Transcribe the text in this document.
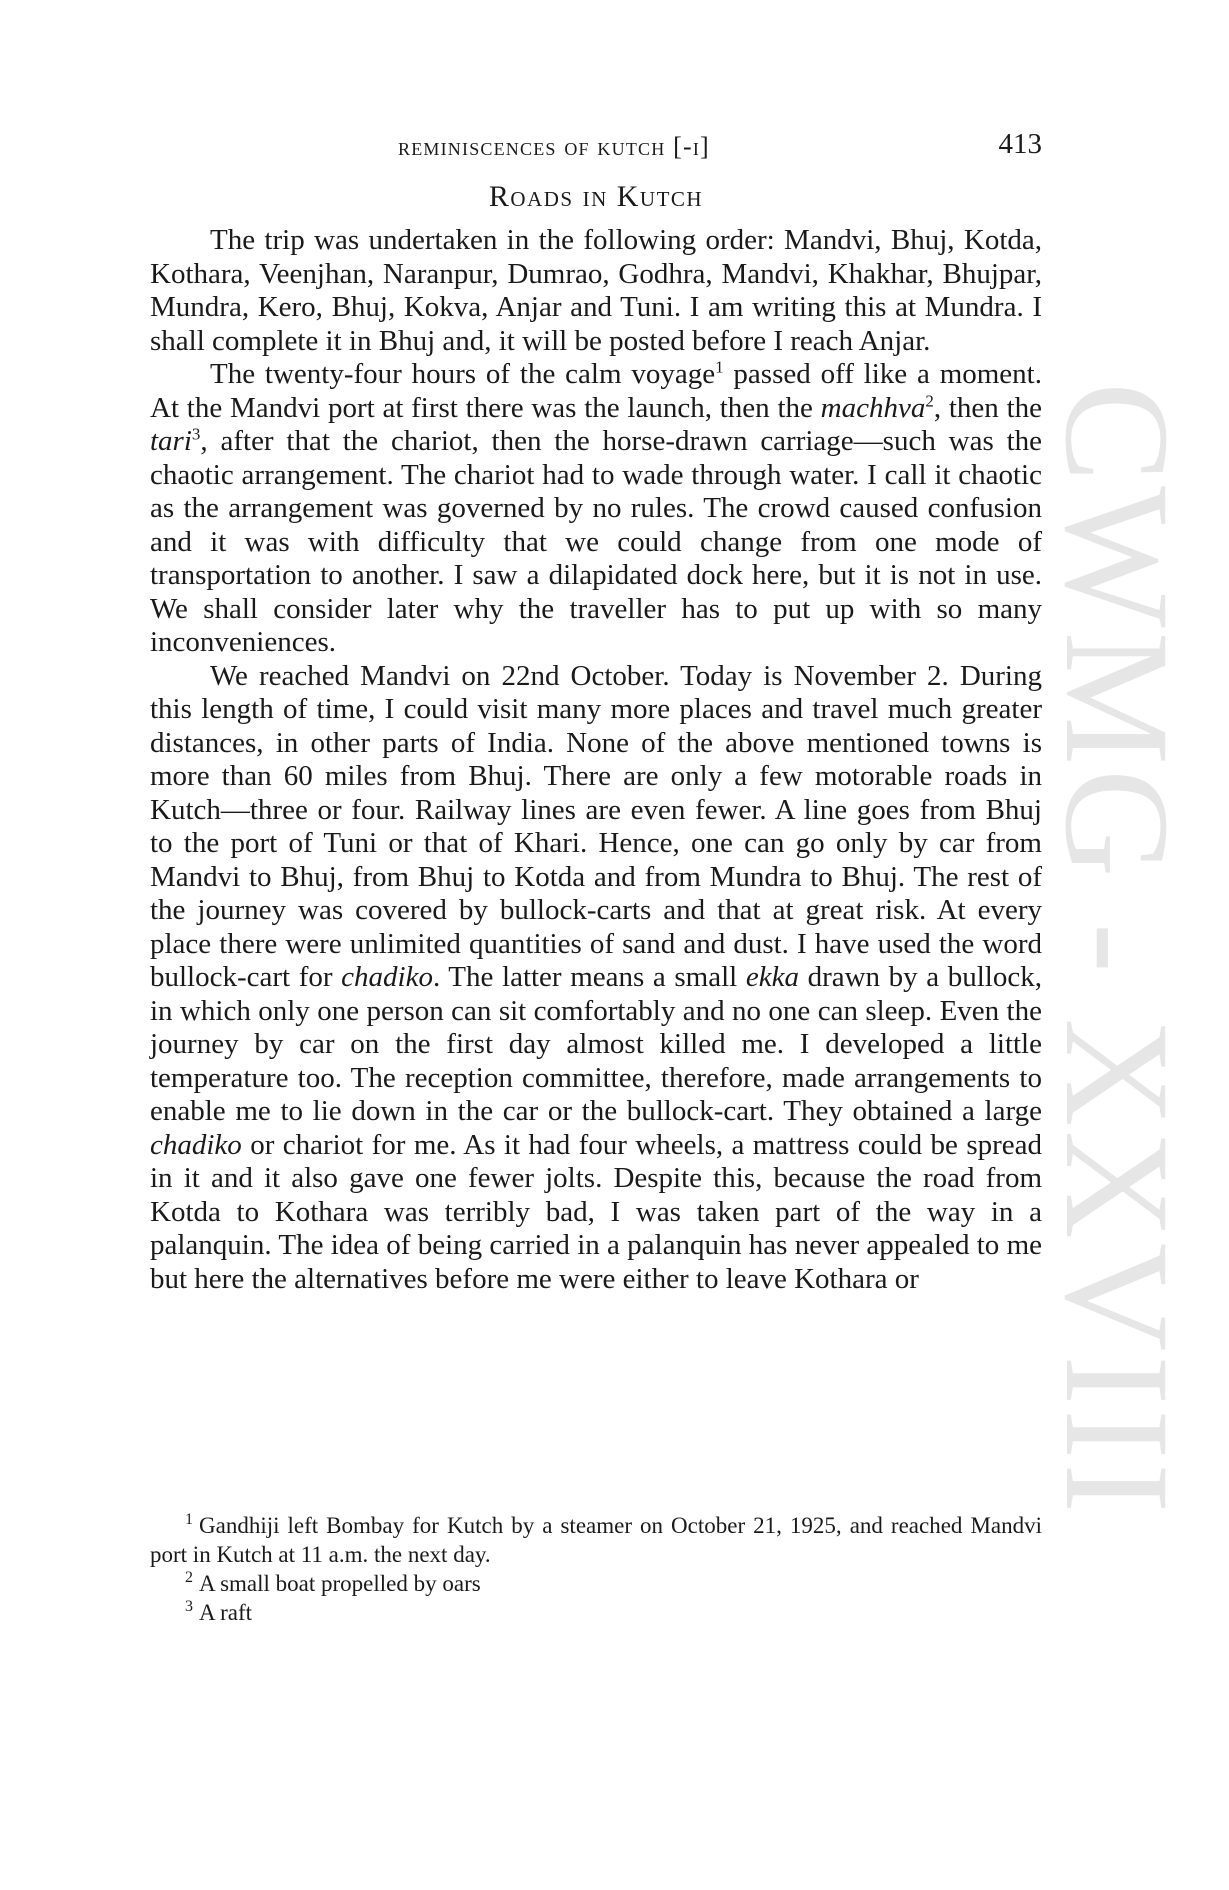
CWMG - XXVIII
reminiscences of kutch [-i]	413
Roads in Kutch

The trip was undertaken in the following order: Mandvi, Bhuj, Kotda, Kothara, Veenjhan, Naranpur, Dumrao, Godhra, Mandvi, Khakhar, Bhujpar, Mundra, Kero, Bhuj, Kokva, Anjar and Tuni. I am writing this at Mundra. I shall complete it in Bhuj and, it will be posted before I reach Anjar.

The twenty-four hours of the calm voyage$^1$ passed off like a moment. At the Mandvi port at first there was the launch, then the machhva$^2$, then the tari$^3$, after that the chariot, then the horse-drawn carriage—such was the chaotic arrangement. The chariot had to wade through water. I call it chaotic as the arrangement was governed by no rules. The crowd caused confusion and it was with difficulty that we could change from one mode of transportation to another. I saw a dilapidated dock here, but it is not in use. We shall consider later why the traveller has to put up with so many inconveniences.

We reached Mandvi on 22nd October. Today is November 2. During this length of time, I could visit many more places and travel much greater distances, in other parts of India. None of the above mentioned towns is more than 60 miles from Bhuj. There are only a few motorable roads in Kutch—three or four. Railway lines are even fewer. A line goes from Bhuj to the port of Tuni or that of Khari. Hence, one can go only by car from Mandvi to Bhuj, from Bhuj to Kotda and from Mundra to Bhuj. The rest of the journey was covered by bullock-carts and that at great risk. At every place there were unlimited quantities of sand and dust. I have used the word bullock-cart for chadiko. The latter means a small ekka drawn by a bullock, in which only one person can sit comfortably and no one can sleep. Even the journey by car on the first day almost killed me. I developed a little temperature too. The reception committee, therefore, made arrangements to enable me to lie down in the car or the bullock-cart. They obtained a large chadiko or chariot for me. As it had four wheels, a mattress could be spread in it and it also gave one fewer jolts. Despite this, because the road from Kotda to Kothara was terribly bad, I was taken part of the way in a palanquin. The idea of being carried in a palanquin has never appealed to me but here the alternatives before me were either to leave Kothara or

$^1$ Gandhiji left Bombay for Kutch by a steamer on October 21, 1925, and reached Mandvi port in Kutch at 11 a.m. the next day.

$^2$ A small boat propelled by oars

$^3$ A raft
